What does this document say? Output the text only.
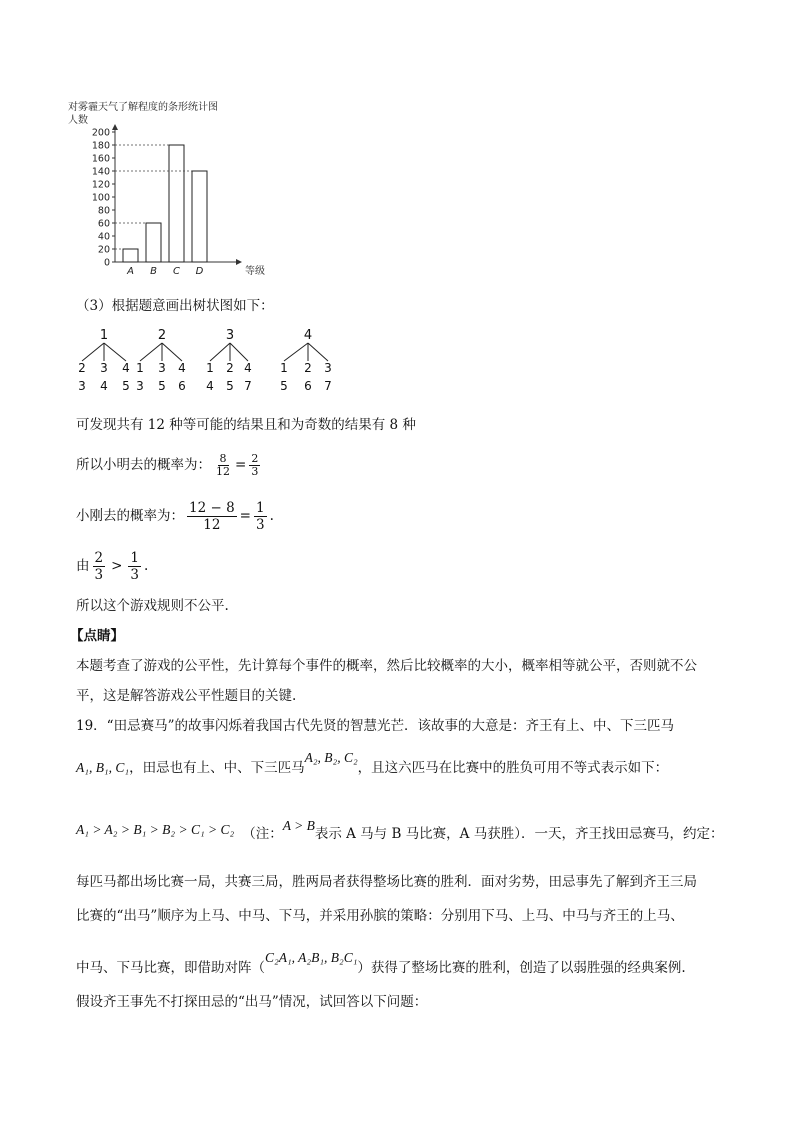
对雾霾天气了解程度的条形统计图
人数
等级
0
20
40
60
80
100
120
140
160
180
200
A B C D
（3）根据题意画出树状图如下：
1
2
3
3
4
4
5
2
1
3
3
5
4
6
3
1
4
2
5
4
7
4
1
5
2
6
3
7
可发现共有 12 种等可能的结果且和为奇数的结果有 8 种
所以小明去的概率为： $\frac{8}{12} = \frac{2}{3}$
小刚去的概率为： $\frac{12 - 8}{12} = \frac{1}{3}$ .
由 $\frac{2}{3} > \frac{1}{3}$ .
所以这个游戏规则不公平.
【点睛】
本题考查了游戏的公平性，先计算每个事件的概率，然后比较概率的大小，概率相等就公平，否则就不公
平，这是解答游戏公平性题目的关键.
19．“田忌赛马”的故事闪烁着我国古代先贤的智慧光芒．该故事的大意是：齐王有上、中、下三匹马
A₁, B₁, C₁，田忌也有上、中、下三匹马A₂, B₂, C₂，且这六匹马在比赛中的胜负可用不等式表示如下：
A₁ > A₂ > B₁ > B₂ > C₁ > C₂ （注：A > B表示 A 马与 B 马比赛，A 马获胜）．一天，齐王找田忌赛马，约定：
每匹马都出场比赛一局，共赛三局，胜两局者获得整场比赛的胜利．面对劣势，田忌事先了解到齐王三局
比赛的“出马”顺序为上马、中马、下马，并采用孙膑的策略：分别用下马、上马、中马与齐王的上马、
中马、下马比赛，即借助对阵（C₂A₁, A₂B₁, B₂C₁）获得了整场比赛的胜利，创造了以弱胜强的经典案例.
假设齐王事先不打探田忌的“出马”情况，试回答以下问题：
